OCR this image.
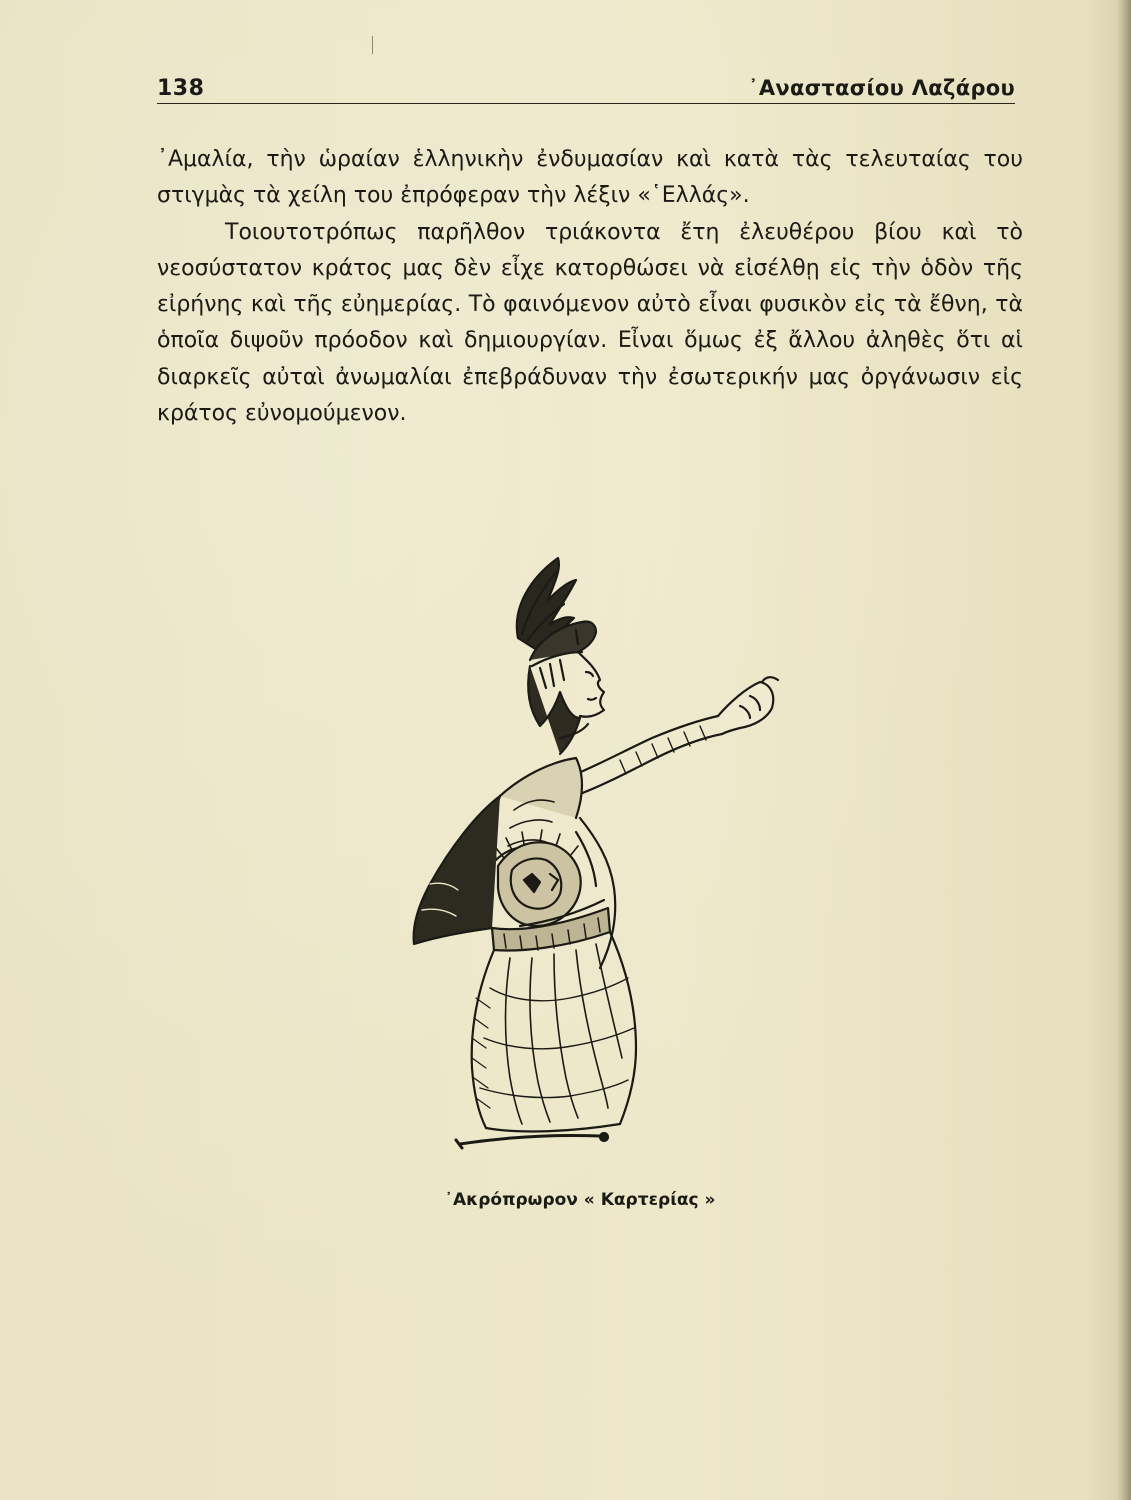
138	᾽Αναστασίου Λαζάρου

᾽Αμαλία, τὴν ὡραίαν ἑλληνικὴν ἐνδυμασίαν καὶ κατὰ τὰς τελευταίας του στιγμὰς τὰ χείλη του ἐπρόφεραν τὴν λέξιν «῾Ελλάς».

Τοιουτοτρόπως παρῆλθον τριάκοντα ἔτη ἐλευθέρου βίου καὶ τὸ νεοσύστατον κράτος μας δὲν εἶχε κατορθώσει νὰ εἰσέλθῃ εἰς τὴν ὁδὸν τῆς εἰρήνης καὶ τῆς εὐημερίας. Τὸ φαινόμενον αὐτὸ εἶναι φυσικὸν εἰς τὰ ἔθνη, τὰ ὁποῖα διψοῦν πρόοδον καὶ δημιουργίαν. Εἶναι ὅμως ἐξ ἄλλου ἀληθὲς ὅτι αἱ διαρκεῖς αὐταὶ ἀνωμαλίαι ἐπεβράδυναν τὴν ἐσωτερικήν μας ὀργάνωσιν εἰς κράτος εὐνομούμενον.

᾽Ακρόπρωρον « Καρτερίας »
